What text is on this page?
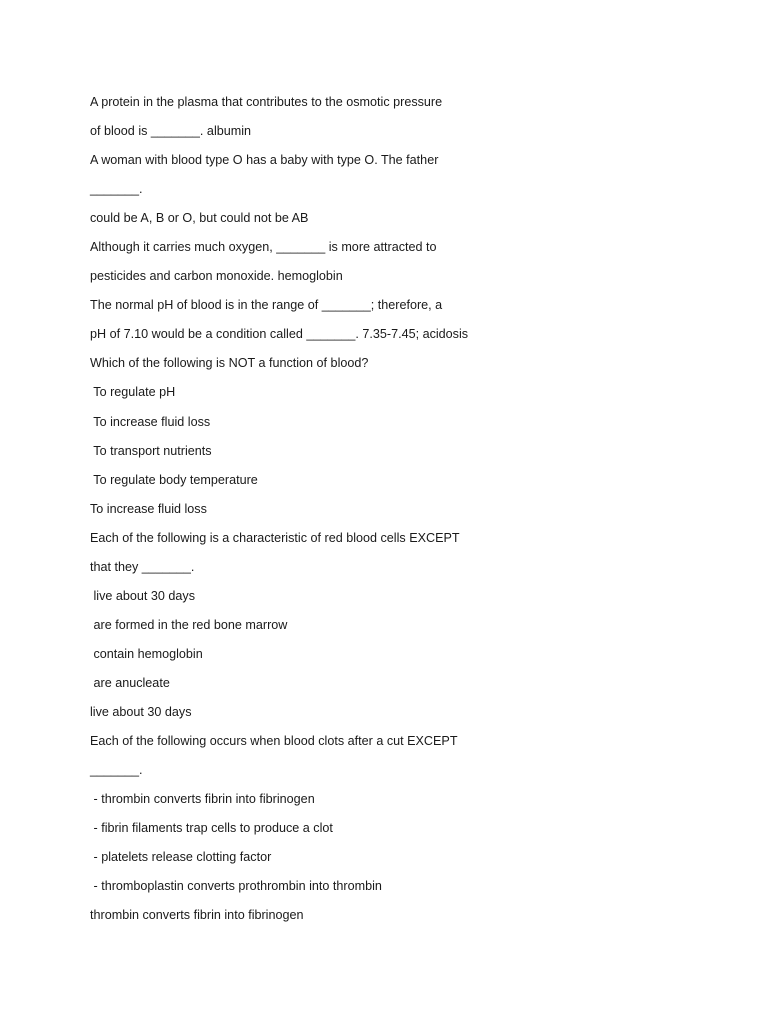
A protein in the plasma that contributes to the osmotic pressure
of blood is _______. albumin
A woman with blood type O has a baby with type O. The father
_______.
could be A, B or O, but could not be AB
Although it carries much oxygen, _______ is more attracted to
pesticides and carbon monoxide. hemoglobin
The normal pH of blood is in the range of _______; therefore, a
pH of 7.10 would be a condition called _______. 7.35-7.45; acidosis
Which of the following is NOT a function of blood?
To regulate pH
To increase fluid loss
To transport nutrients
To regulate body temperature
To increase fluid loss
Each of the following is a characteristic of red blood cells EXCEPT
that they _______.
live about 30 days
are formed in the red bone marrow
contain hemoglobin
are anucleate
live about 30 days
Each of the following occurs when blood clots after a cut EXCEPT
_______.
- thrombin converts fibrin into fibrinogen
- fibrin filaments trap cells to produce a clot
- platelets release clotting factor
- thromboplastin converts prothrombin into thrombin
thrombin converts fibrin into fibrinogen
